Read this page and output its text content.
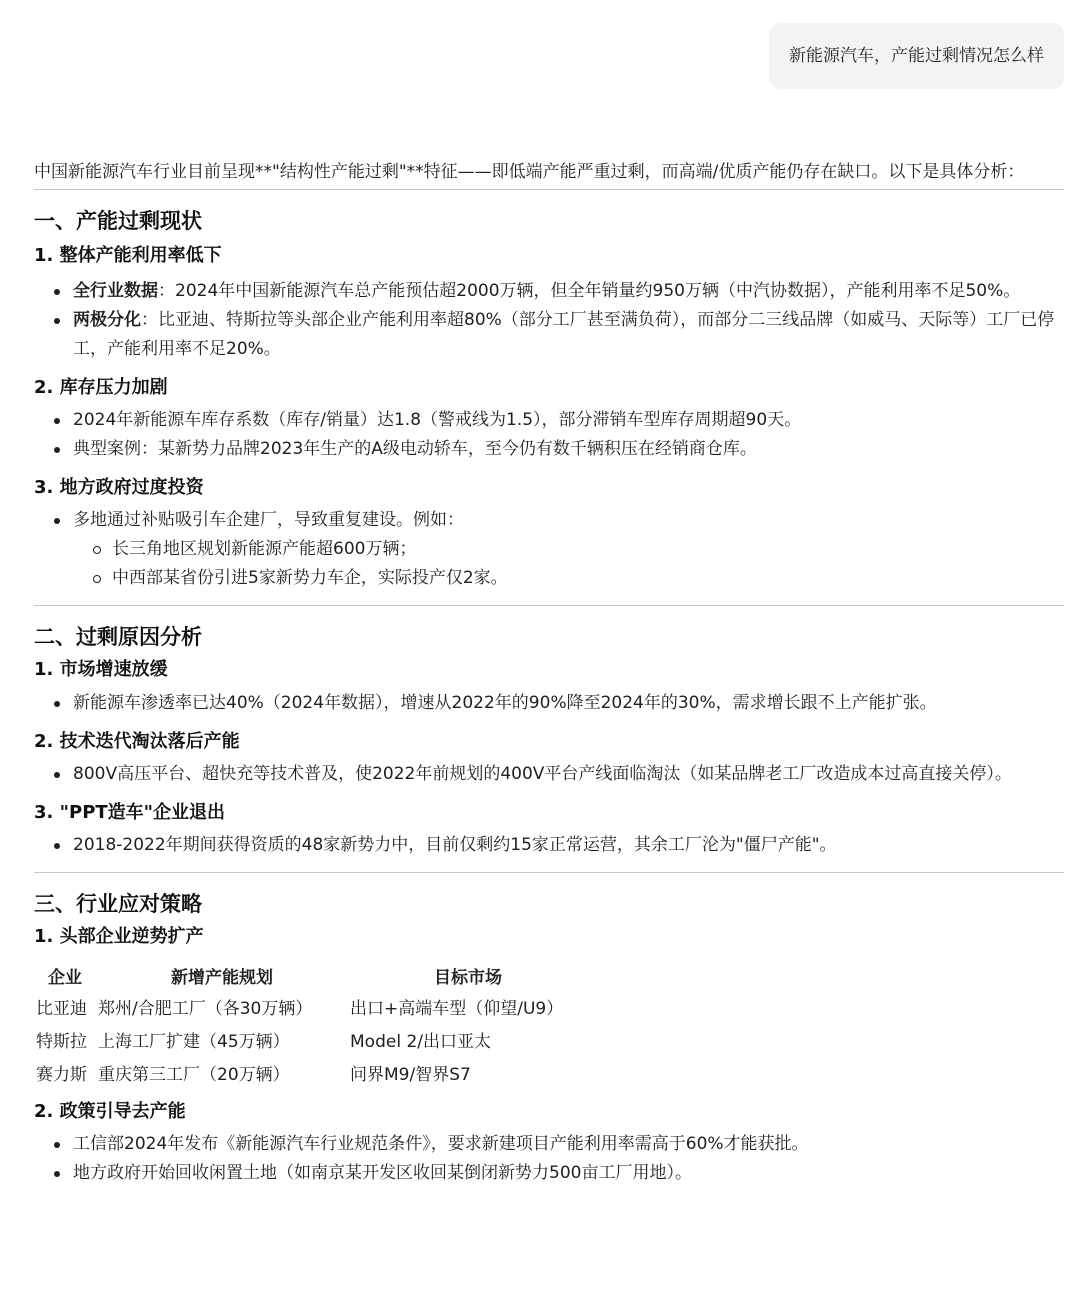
新能源汽车，产能过剩情况怎么样

中国新能源汽车行业目前呈现**"结构性产能过剩"**特征——即低端产能严重过剩，而高端/优质产能仍存在缺口。以下是具体分析：

一、产能过剩现状
1. 整体产能利用率低下
全行业数据：2024年中国新能源汽车总产能预估超2000万辆，但全年销量约950万辆（中汽协数据），产能利用率不足50%。
两极分化：比亚迪、特斯拉等头部企业产能利用率超80%（部分工厂甚至满负荷），而部分二三线品牌（如威马、天际等）工厂已停工，产能利用率不足20%。
2. 库存压力加剧
2024年新能源车库存系数（库存/销量）达1.8（警戒线为1.5），部分滞销车型库存周期超90天。
典型案例：某新势力品牌2023年生产的A级电动轿车，至今仍有数千辆积压在经销商仓库。
3. 地方政府过度投资
多地通过补贴吸引车企建厂，导致重复建设。例如：
长三角地区规划新能源产能超600万辆；
中西部某省份引进5家新势力车企，实际投产仅2家。
二、过剩原因分析
1. 市场增速放缓
新能源车渗透率已达40%（2024年数据），增速从2022年的90%降至2024年的30%，需求增长跟不上产能扩张。
2. 技术迭代淘汰落后产能
800V高压平台、超快充等技术普及，使2022年前规划的400V平台产线面临淘汰（如某品牌老工厂改造成本过高直接关停）。
3. "PPT造车"企业退出
2018-2022年期间获得资质的48家新势力中，目前仅剩约15家正常运营，其余工厂沦为"僵尸产能"。
三、行业应对策略
1. 头部企业逆势扩产
企业	新增产能规划	目标市场
比亚迪	郑州/合肥工厂（各30万辆）	出口+高端车型（仰望/U9）
特斯拉	上海工厂扩建（45万辆）	Model 2/出口亚太
赛力斯	重庆第三工厂（20万辆）	问界M9/智界S7
2. 政策引导去产能
工信部2024年发布《新能源汽车行业规范条件》，要求新建项目产能利用率需高于60%才能获批。
地方政府开始回收闲置土地（如南京某开发区收回某倒闭新势力500亩工厂用地）。
